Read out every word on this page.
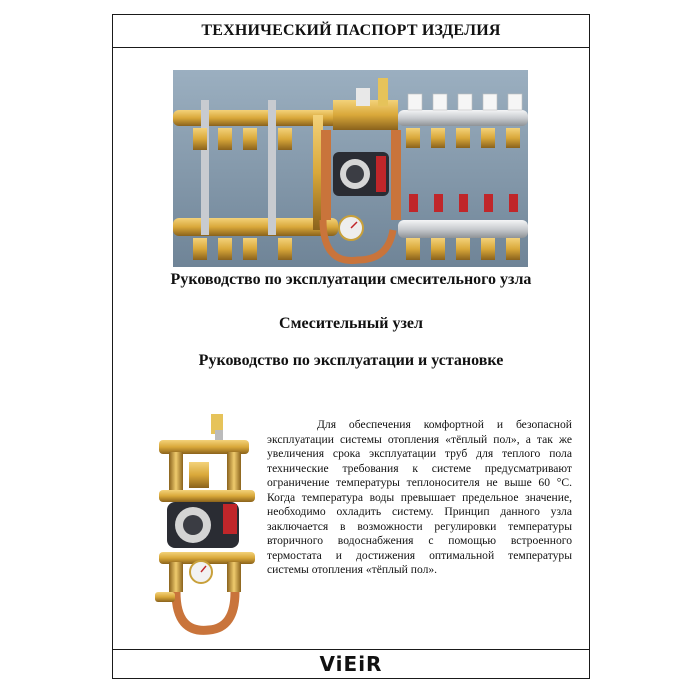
ТЕХНИЧЕСКИЙ ПАСПОРТ ИЗДЕЛИЯ
Руководство по эксплуатации смесительного узла
Смесительный узел
Руководство по эксплуатации и установке
Для обеспечения комфортной и безопасной эксплуатации системы отопления «тёплый пол», а так же увеличения срока эксплуатации труб для теплого пола технические требования к системе предусматривают ограничение температуры теплоносителя не выше 60 °С. Когда температура воды превышает предельное значение, необходимо охладить систему. Принцип данного узла заключается в возможности регулировки температуры вторичного водоснабжения с помощью встроенного термостата и достижения оптимальной температуры системы отопления «тёплый пол».
ViEiR
